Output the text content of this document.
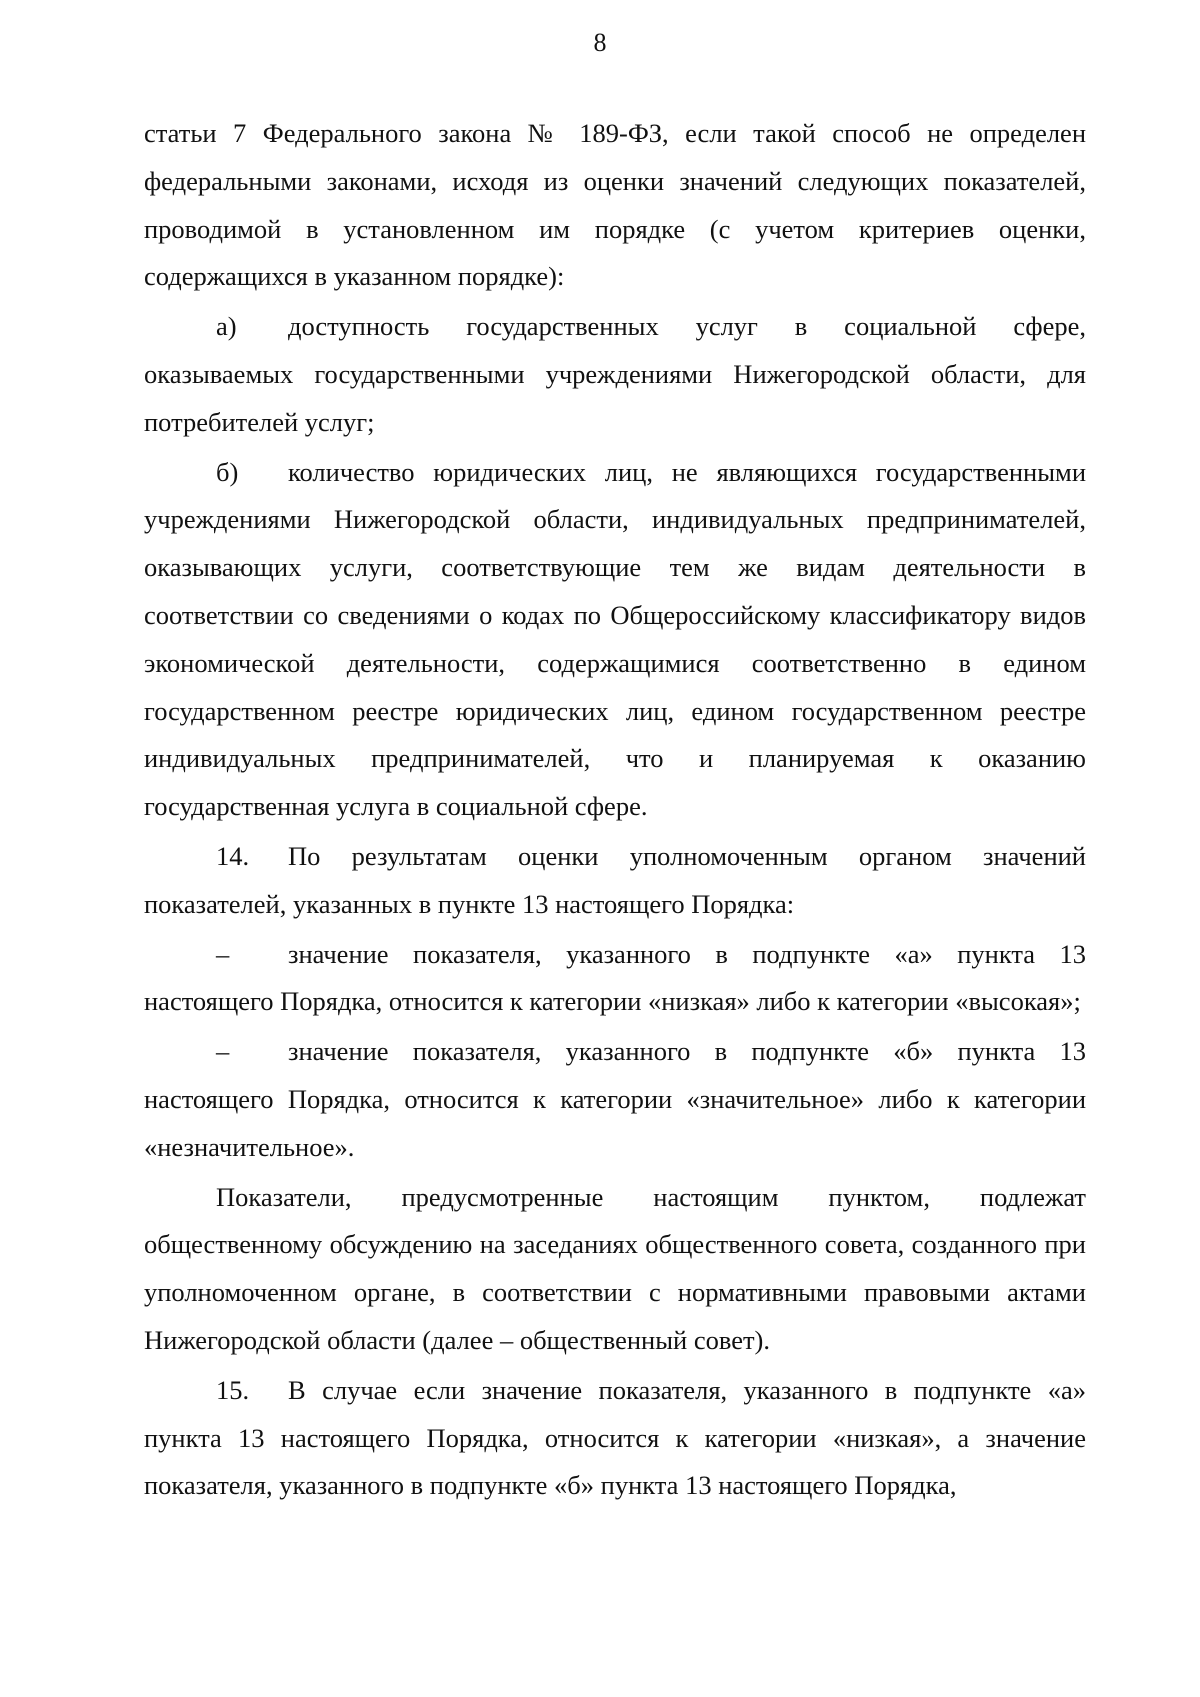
8

статьи 7 Федерального закона № 189-ФЗ, если такой способ не определен федеральными законами, исходя из оценки значений следующих показателей, проводимой в установленном им порядке (с учетом критериев оценки, содержащихся в указанном порядке):

а) доступность государственных услуг в социальной сфере, оказываемых государственными учреждениями Нижегородской области, для потребителей услуг;

б) количество юридических лиц, не являющихся государственными учреждениями Нижегородской области, индивидуальных предпринимателей, оказывающих услуги, соответствующие тем же видам деятельности в соответствии со сведениями о кодах по Общероссийскому классификатору видов экономической деятельности, содержащимися соответственно в едином государственном реестре юридических лиц, едином государственном реестре индивидуальных предпринимателей, что и планируемая к оказанию государственная услуга в социальной сфере.

14. По результатам оценки уполномоченным органом значений показателей, указанных в пункте 13 настоящего Порядка:

– значение показателя, указанного в подпункте «а» пункта 13 настоящего Порядка, относится к категории «низкая» либо к категории «высокая»;

– значение показателя, указанного в подпункте «б» пункта 13 настоящего Порядка, относится к категории «значительное» либо к категории «незначительное».

Показатели, предусмотренные настоящим пунктом, подлежат общественному обсуждению на заседаниях общественного совета, созданного при уполномоченном органе, в соответствии с нормативными правовыми актами Нижегородской области (далее – общественный совет).

15. В случае если значение показателя, указанного в подпункте «а» пункта 13 настоящего Порядка, относится к категории «низкая», а значение показателя, указанного в подпункте «б» пункта 13 настоящего Порядка,
